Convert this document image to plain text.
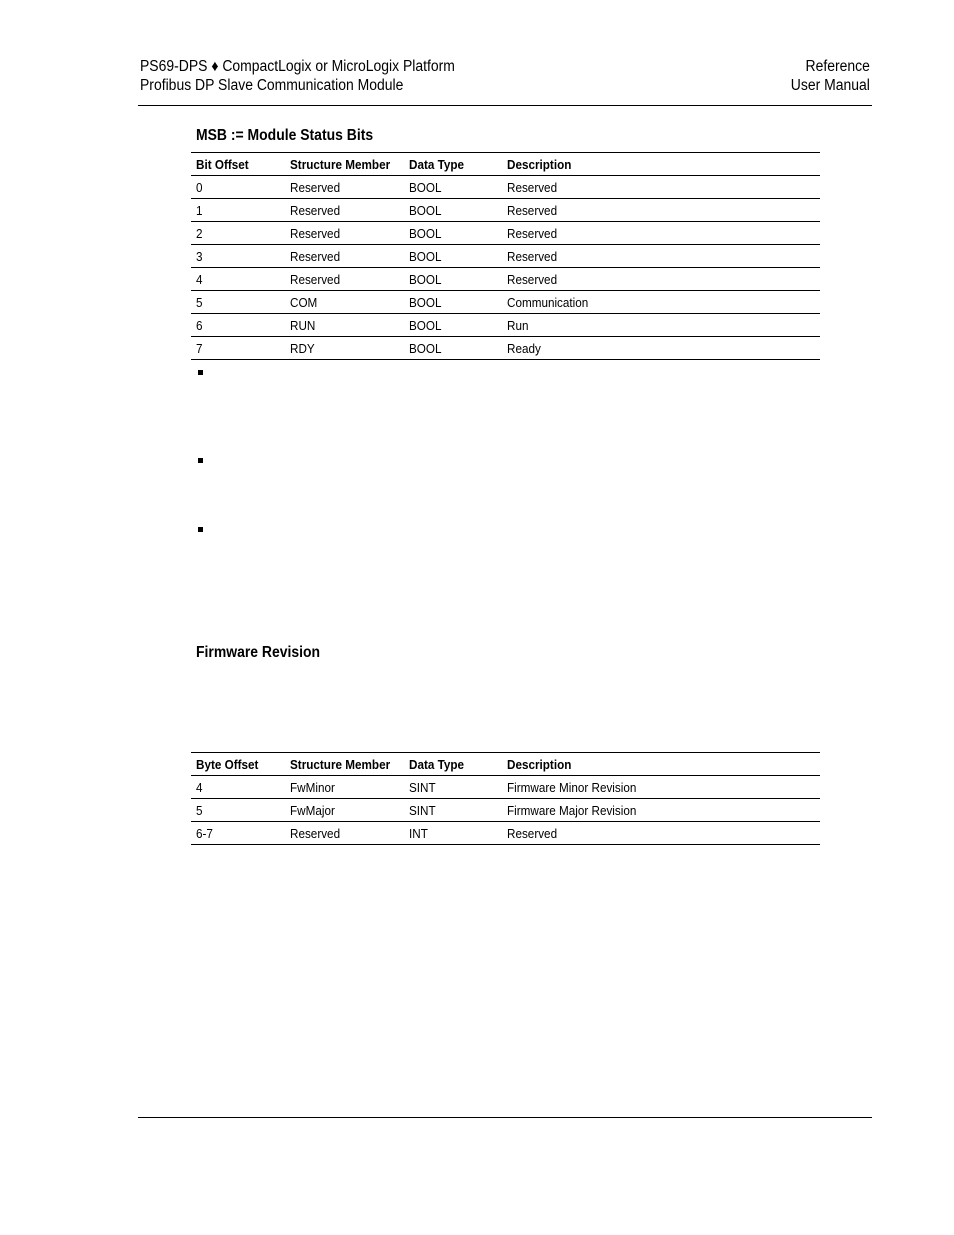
PS69-DPS ♦ CompactLogix or MicroLogix Platform
Profibus DP Slave Communication Module
Reference
User Manual
MSB := Module Status Bits
Bit Offset	Structure Member	Data Type	Description
0	Reserved	BOOL	Reserved
1	Reserved	BOOL	Reserved
2	Reserved	BOOL	Reserved
3	Reserved	BOOL	Reserved
4	Reserved	BOOL	Reserved
5	COM	BOOL	Communication
6	RUN	BOOL	Run
7	RDY	BOOL	Ready
Firmware Revision
Byte Offset	Structure Member	Data Type	Description
4	FwMinor	SINT	Firmware Minor Revision
5	FwMajor	SINT	Firmware Major Revision
6-7	Reserved	INT	Reserved
